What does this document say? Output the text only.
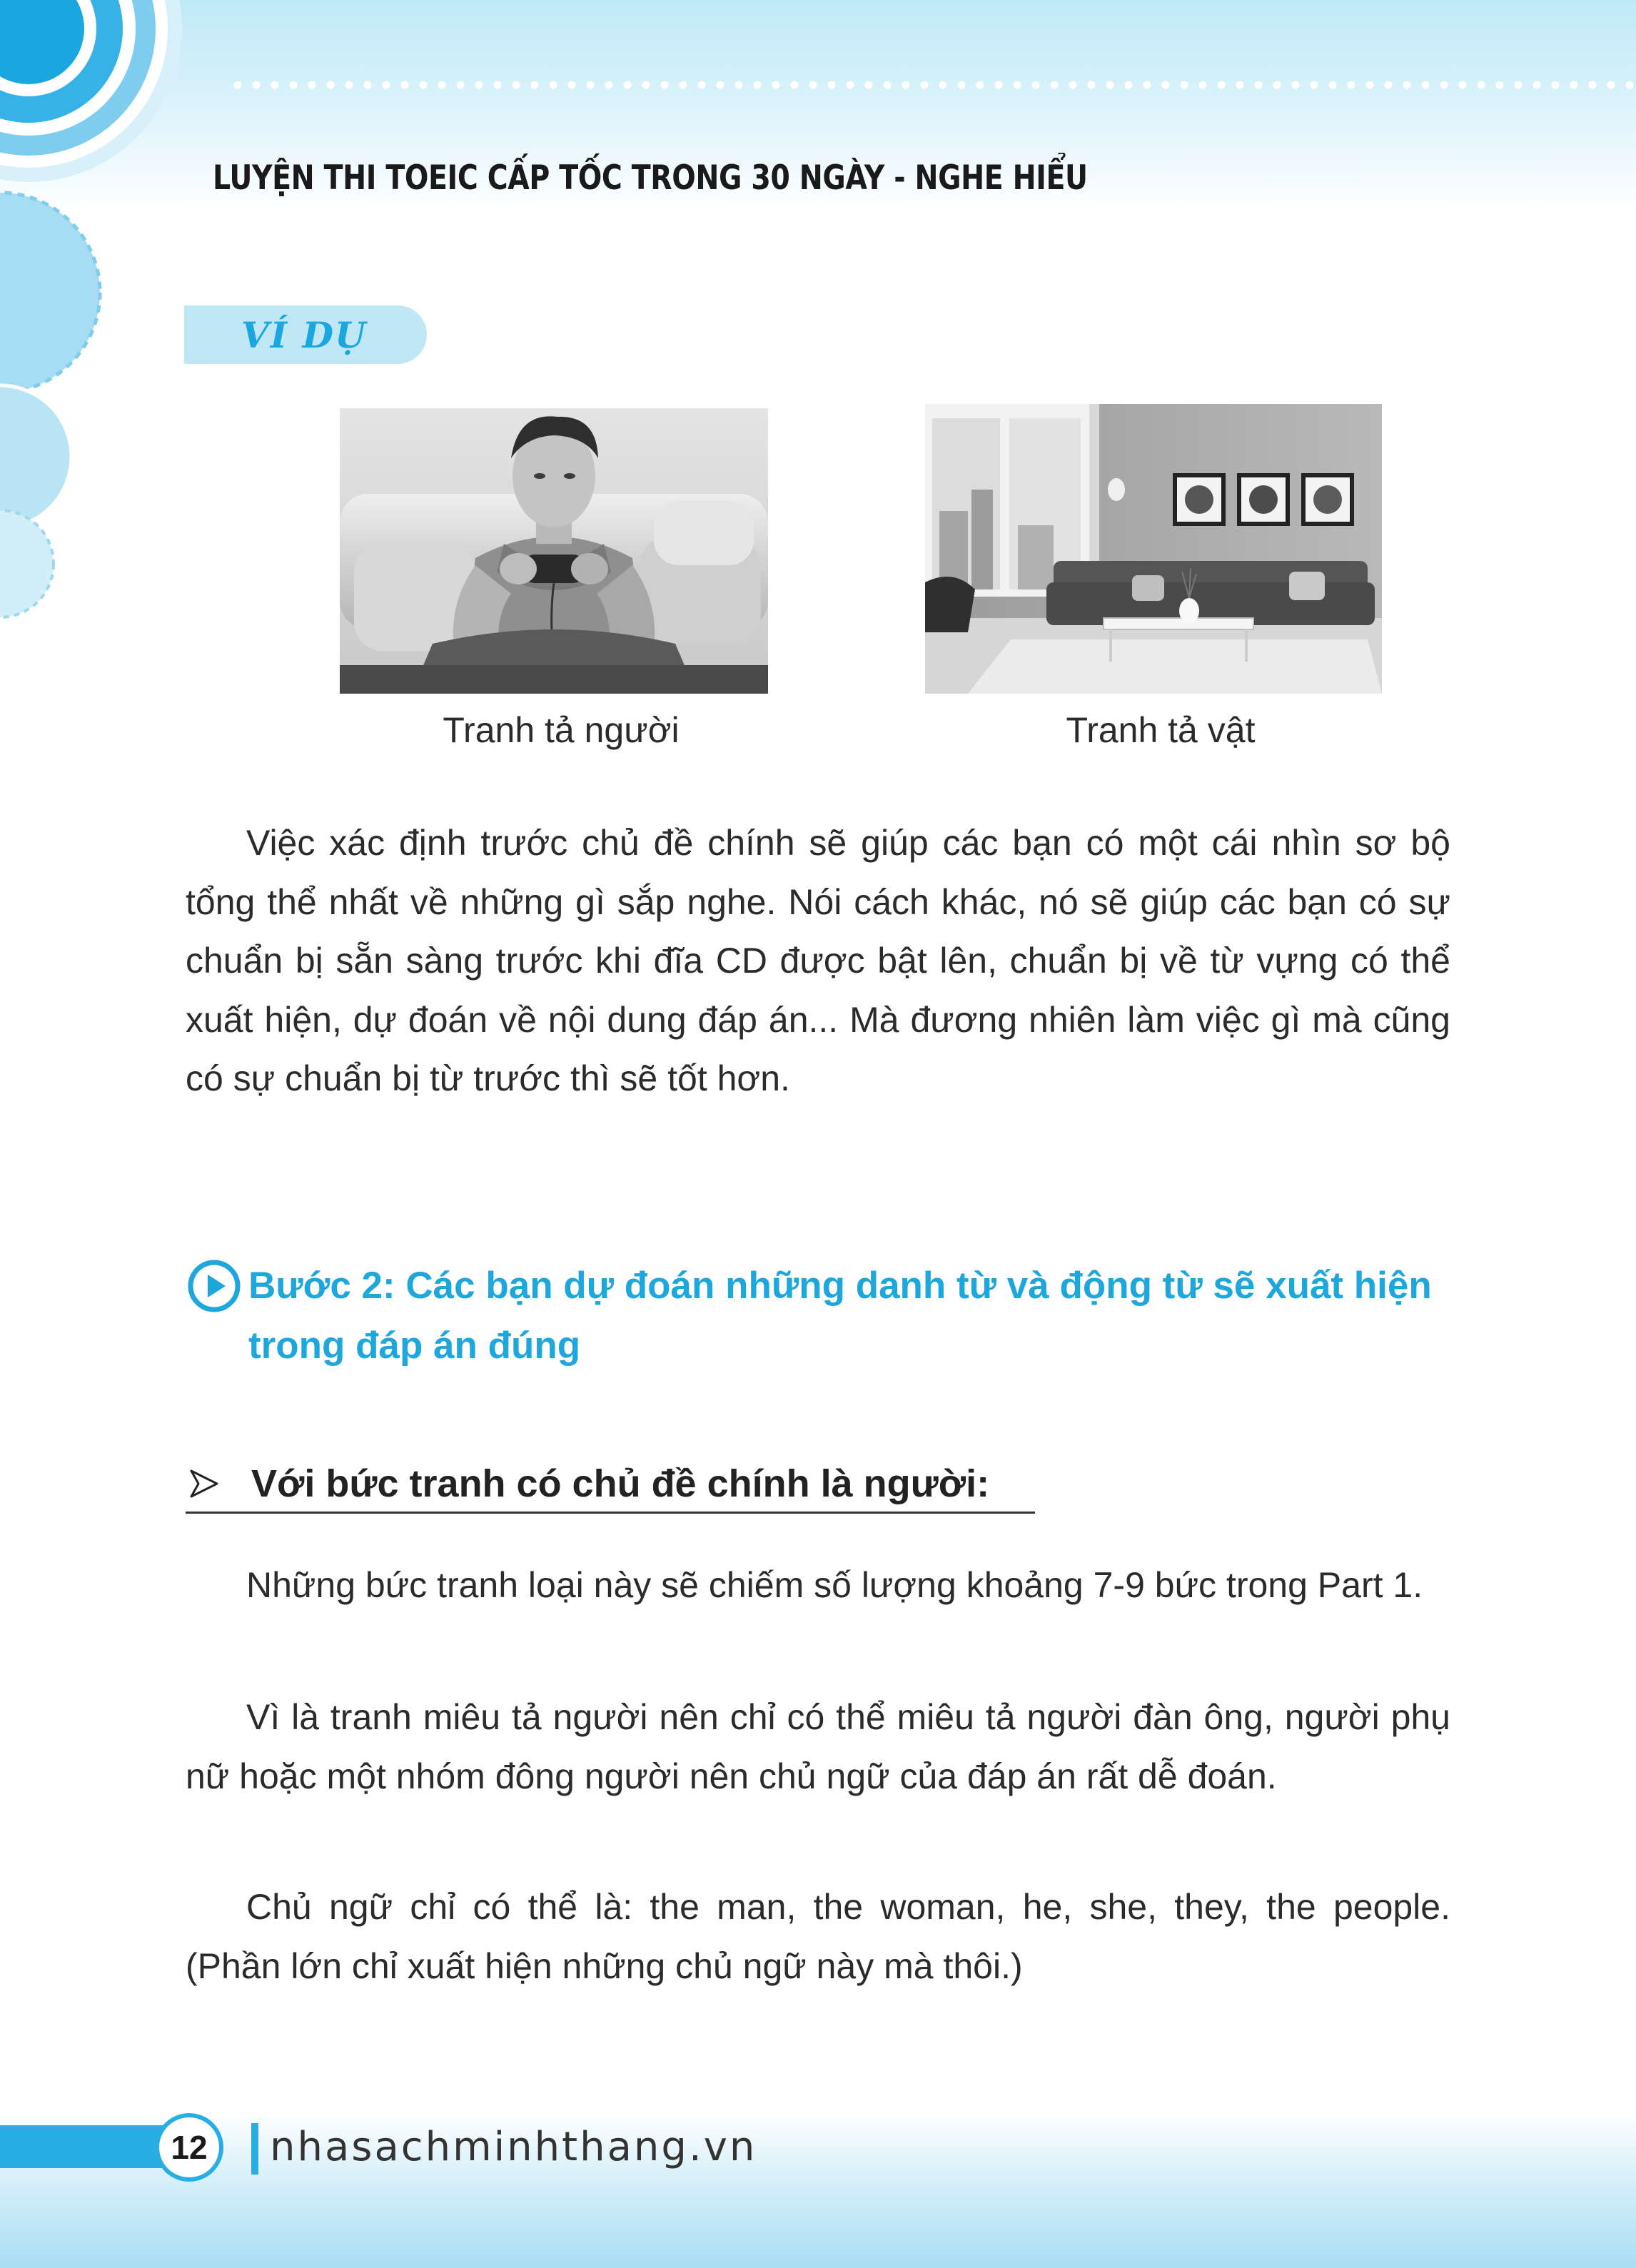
LUYỆN THI TOEIC CẤP TỐC TRONG 30 NGÀY - NGHE HIỂU
VÍ DỤ
Tranh tả người	Tranh tả vật

Việc xác định trước chủ đề chính sẽ giúp các bạn có một cái nhìn sơ bộ tổng thể nhất về những gì sắp nghe. Nói cách khác, nó sẽ giúp các bạn có sự chuẩn bị sẵn sàng trước khi đĩa CD được bật lên, chuẩn bị về từ vựng có thể xuất hiện, dự đoán về nội dung đáp án... Mà đương nhiên làm việc gì mà cũng có sự chuẩn bị từ trước thì sẽ tốt hơn.

Bước 2: Các bạn dự đoán những danh từ và động từ sẽ xuất hiện trong đáp án đúng
Với bức tranh có chủ đề chính là người:

Những bức tranh loại này sẽ chiếm số lượng khoảng 7-9 bức trong Part 1.

Vì là tranh miêu tả người nên chỉ có thể miêu tả người đàn ông, người phụ nữ hoặc một nhóm đông người nên chủ ngữ của đáp án rất dễ đoán.

Chủ ngữ chỉ có thể là: the man, the woman, he, she, they, the people. (Phần lớn chỉ xuất hiện những chủ ngữ này mà thôi.)

12	nhasachminhthang.vn
